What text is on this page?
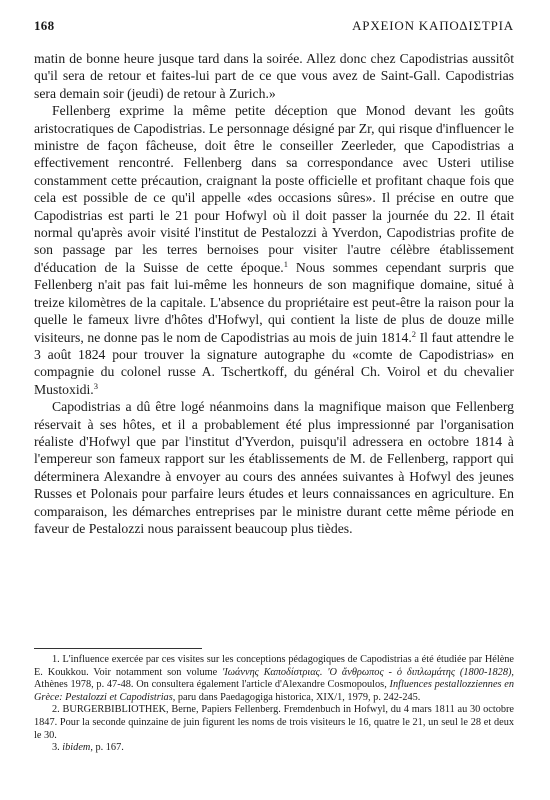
168	ΑΡΧΕΙΟΝ ΚΑΠΟΔΙΣΤΡΙΑ

matin de bonne heure jusque tard dans la soirée. Allez donc chez Capodistrias aussitôt qu'il sera de retour et faites-lui part de ce que vous avez de Saint-Gall. Capodistrias sera demain soir (jeudi) de retour à Zurich.»

Fellenberg exprime la même petite déception que Monod devant les goûts aristocratiques de Capodistrias. Le personnage désigné par Zr, qui risque d'influencer le ministre de façon fâcheuse, doit être le conseiller Zeerleder, que Capodistrias a effectivement rencontré. Fellenberg dans sa correspondance avec Usteri utilise constamment cette précaution, craignant la poste officielle et profitant chaque fois que cela est possible de ce qu'il appelle «des occasions sûres». Il précise en outre que Capodistrias est parti le 21 pour Hofwyl où il doit passer la journée du 22. Il était normal qu'après avoir visité l'institut de Pestalozzi à Yverdon, Capodistrias profite de son passage par les terres bernoises pour visiter l'autre célèbre établissement d'éducation de la Suisse de cette époque.$^1$ Nous sommes cependant surpris que Fellenberg n'ait pas fait lui-même les honneurs de son magnifique domaine, situé à treize kilomètres de la capitale. L'absence du propriétaire est peut-être la raison pour la quelle le fameux livre d'hôtes d'Hofwyl, qui contient la liste de plus de douze mille visiteurs, ne donne pas le nom de Capodistrias au mois de juin 1814.$^2$ Il faut attendre le 3 août 1824 pour trouver la signature autographe du «comte de Capodistrias» en compagnie du colonel russe A. Tschertkoff, du général Ch. Voirol et du chevalier Mustoxidi.$^3$

Capodistrias a dû être logé néanmoins dans la magnifique maison que Fellenberg réservait à ses hôtes, et il a probablement été plus impressionné par l'organisation réaliste d'Hofwyl que par l'institut d'Yverdon, puisqu'il adressera en octobre 1814 à l'empereur son fameux rapport sur les établissements de M. de Fellenberg, rapport qui déterminera Alexandre à envoyer au cours des années suivantes à Hofwyl des jeunes Russes et Polonais pour parfaire leurs études et leurs connaissances en agriculture. En comparaison, les démarches entreprises par le ministre durant cette même période en faveur de Pestalozzi nous paraissent beaucoup plus tièdes.

1. L'influence exercée par ces visites sur les conceptions pédagogiques de Capodistrias a été étudiée par Hélène E. Koukkou. Voir notamment son volume 'Ιωάννης Καποδίστριας. 'Ο ἄνθρωπος - ὁ διπλωμάτης (1800-1828), Athènes 1978, p. 47-48. On consultera également l'article d'Alexandre Cosmopoulos, Influences pestallozziennes en Grèce: Pestalozzi et Capodistrias, paru dans Paedagogiga historica, XIX/1, 1979, p. 242-245.

2. BURGERBIBLIOTHEK, Berne, Papiers Fellenberg. Fremdenbuch in Hofwyl, du 4 mars 1811 au 30 octobre 1847. Pour la seconde quinzaine de juin figurent les noms de trois visiteurs le 16, quatre le 21, un seul le 28 et deux le 30.

3. ibidem, p. 167.
